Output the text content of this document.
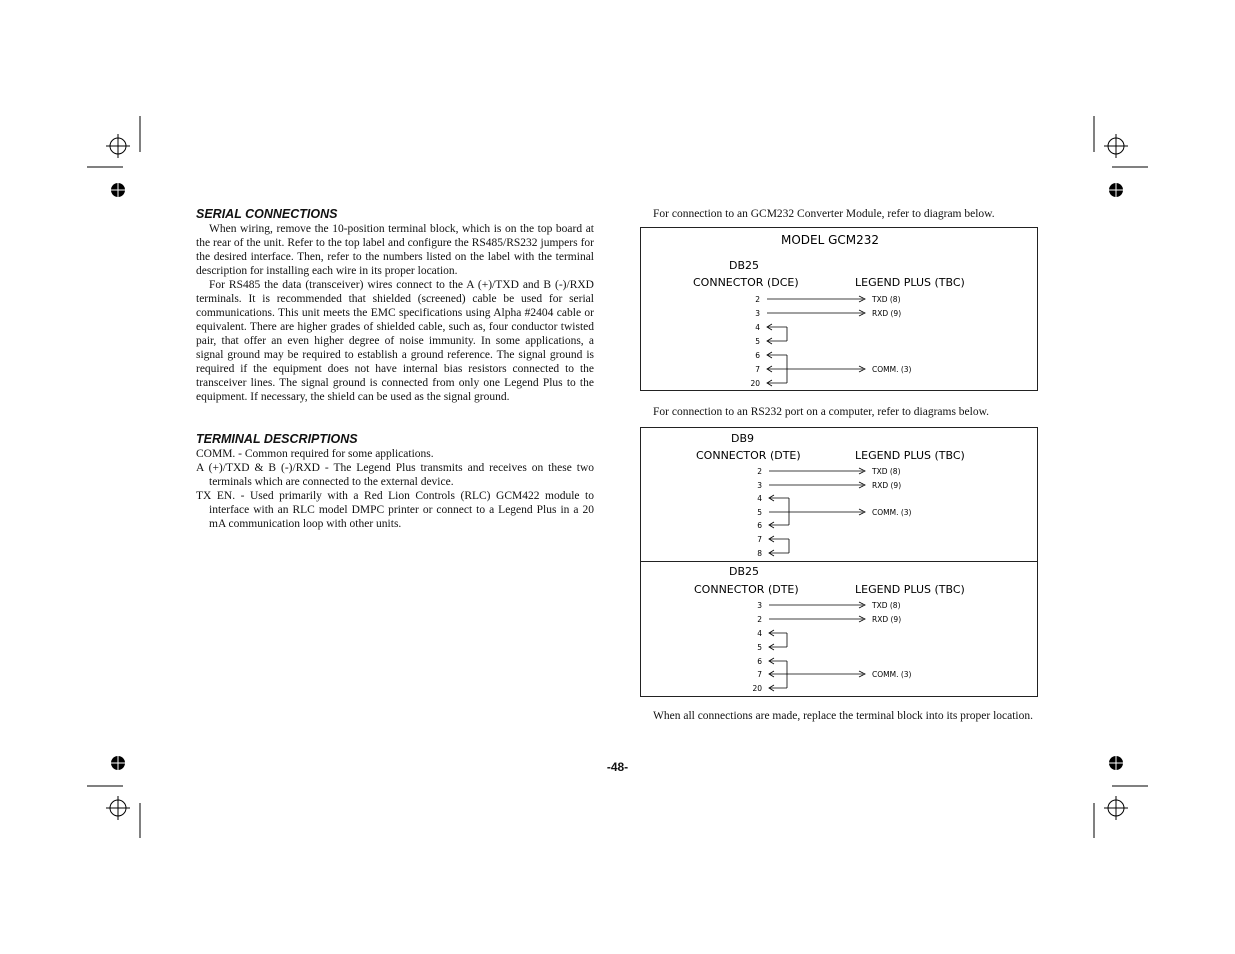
SERIAL CONNECTIONS

When wiring, remove the 10-position terminal block, which is on the top board at the rear of the unit. Refer to the top label and configure the RS485/RS232 jumpers for the desired interface. Then, refer to the numbers listed on the label with the terminal description for installing each wire in its proper location.

For RS485 the data (transceiver) wires connect to the A (+)/TXD and B (-)/RXD terminals. It is recommended that shielded (screened) cable be used for serial communications. This unit meets the EMC specifications using Alpha #2404 cable or equivalent. There are higher grades of shielded cable, such as, four conductor twisted pair, that offer an even higher degree of noise immunity. In some applications, a signal ground may be required to establish a ground reference. The signal ground is required if the equipment does not have internal bias resistors connected to the transceiver lines. The signal ground is connected from only one Legend Plus to the equipment. If necessary, the shield can be used as the signal ground.

TERMINAL DESCRIPTIONS

COMM. - Common required for some applications.

A (+)/TXD & B (-)/RXD - The Legend Plus transmits and receives on these two terminals which are connected to the external device.

TX EN. - Used primarily with a Red Lion Controls (RLC) GCM422 module to interface with an RLC model DMPC printer or connect to a Legend Plus in a 20 mA communication loop with other units.

For connection to an GCM232 Converter Module, refer to diagram below.
For connection to an RS232 port on a computer, refer to diagrams below.
When all connections are made, replace the terminal block into its proper location.
MODEL GCM232
DB25
CONNECTOR (DCE)	LEGEND PLUS (TBC)
2
3
4
5
6
7
20
TXD (8)
RXD (9)
COMM. (3)
DB9
CONNECTOR (DTE)	LEGEND PLUS (TBC)
2
3
4
5
6
7
8
TXD (8)
RXD (9)
COMM. (3)
DB25
CONNECTOR (DTE)	LEGEND PLUS (TBC)
3
2
4
5
6
7
20
TXD (8)
RXD (9)
COMM. (3)
-48-
